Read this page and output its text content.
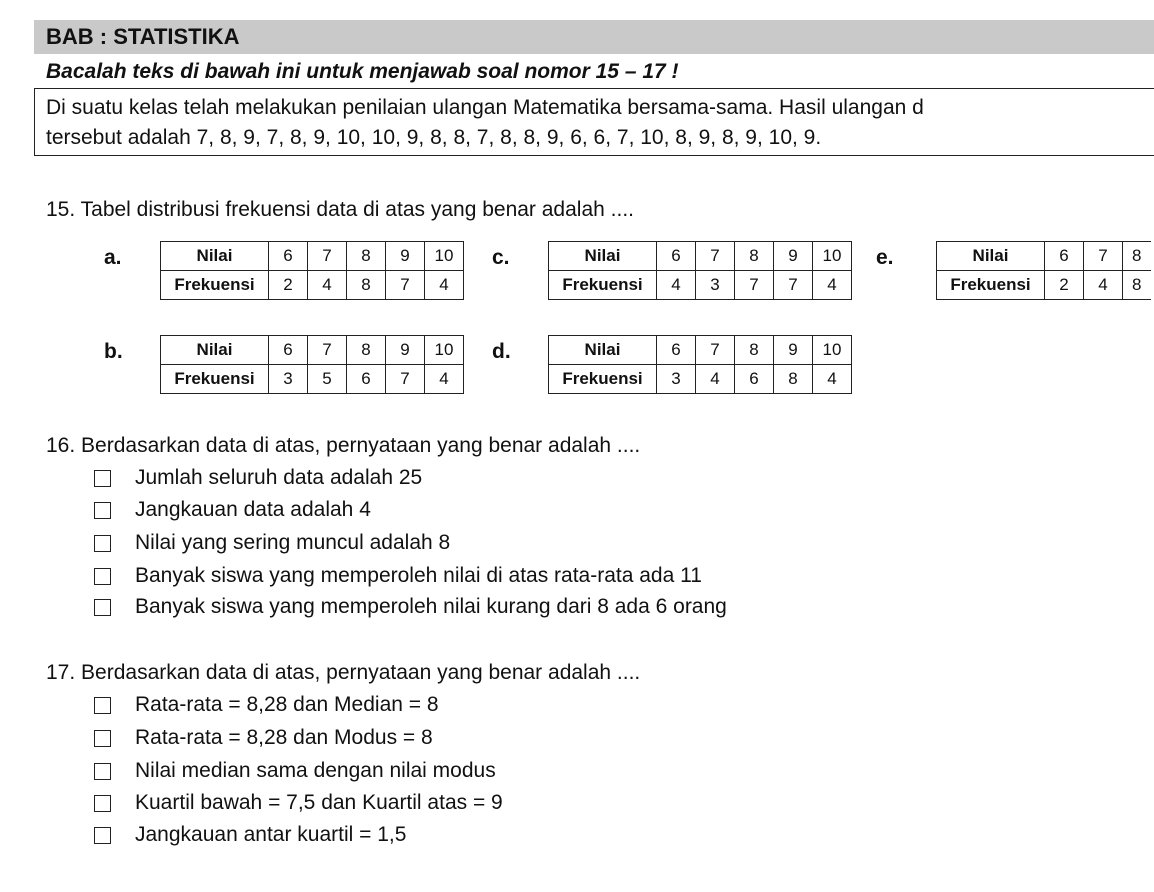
BAB : STATISTIKA
Bacalah teks di bawah ini untuk menjawab soal nomor 15 – 17 !
Di suatu kelas telah melakukan penilaian ulangan Matematika bersama-sama. Hasil ulangan d
tersebut adalah 7, 8, 9, 7, 8, 9, 10, 10, 9, 8, 8, 7, 8, 8, 9, 6, 6, 7, 10, 8, 9, 8, 9, 10, 9.
15. Tabel distribusi frekuensi data di atas yang benar adalah ....
a.	Nilai	6	7	8	9	10
Frekuensi	2	4	8	7	4
b.	Nilai	6	7	8	9	10
Frekuensi	3	5	6	7	4
c.	Nilai	6	7	8	9	10
Frekuensi	4	3	7	7	4
d.	Nilai	6	7	8	9	10
Frekuensi	3	4	6	8	4
e.	Nilai	6	7	8
Frekuensi	2	4	8
16. Berdasarkan data di atas, pernyataan yang benar adalah ....
Jumlah seluruh data adalah 25
Jangkauan data adalah 4
Nilai yang sering muncul adalah 8
Banyak siswa yang memperoleh nilai di atas rata-rata ada 11
Banyak siswa yang memperoleh nilai kurang dari 8 ada 6 orang
17. Berdasarkan data di atas, pernyataan yang benar adalah ....
Rata-rata = 8,28 dan Median = 8
Rata-rata = 8,28 dan Modus = 8
Nilai median sama dengan nilai modus
Kuartil bawah = 7,5 dan Kuartil atas = 9
Jangkauan antar kuartil = 1,5
